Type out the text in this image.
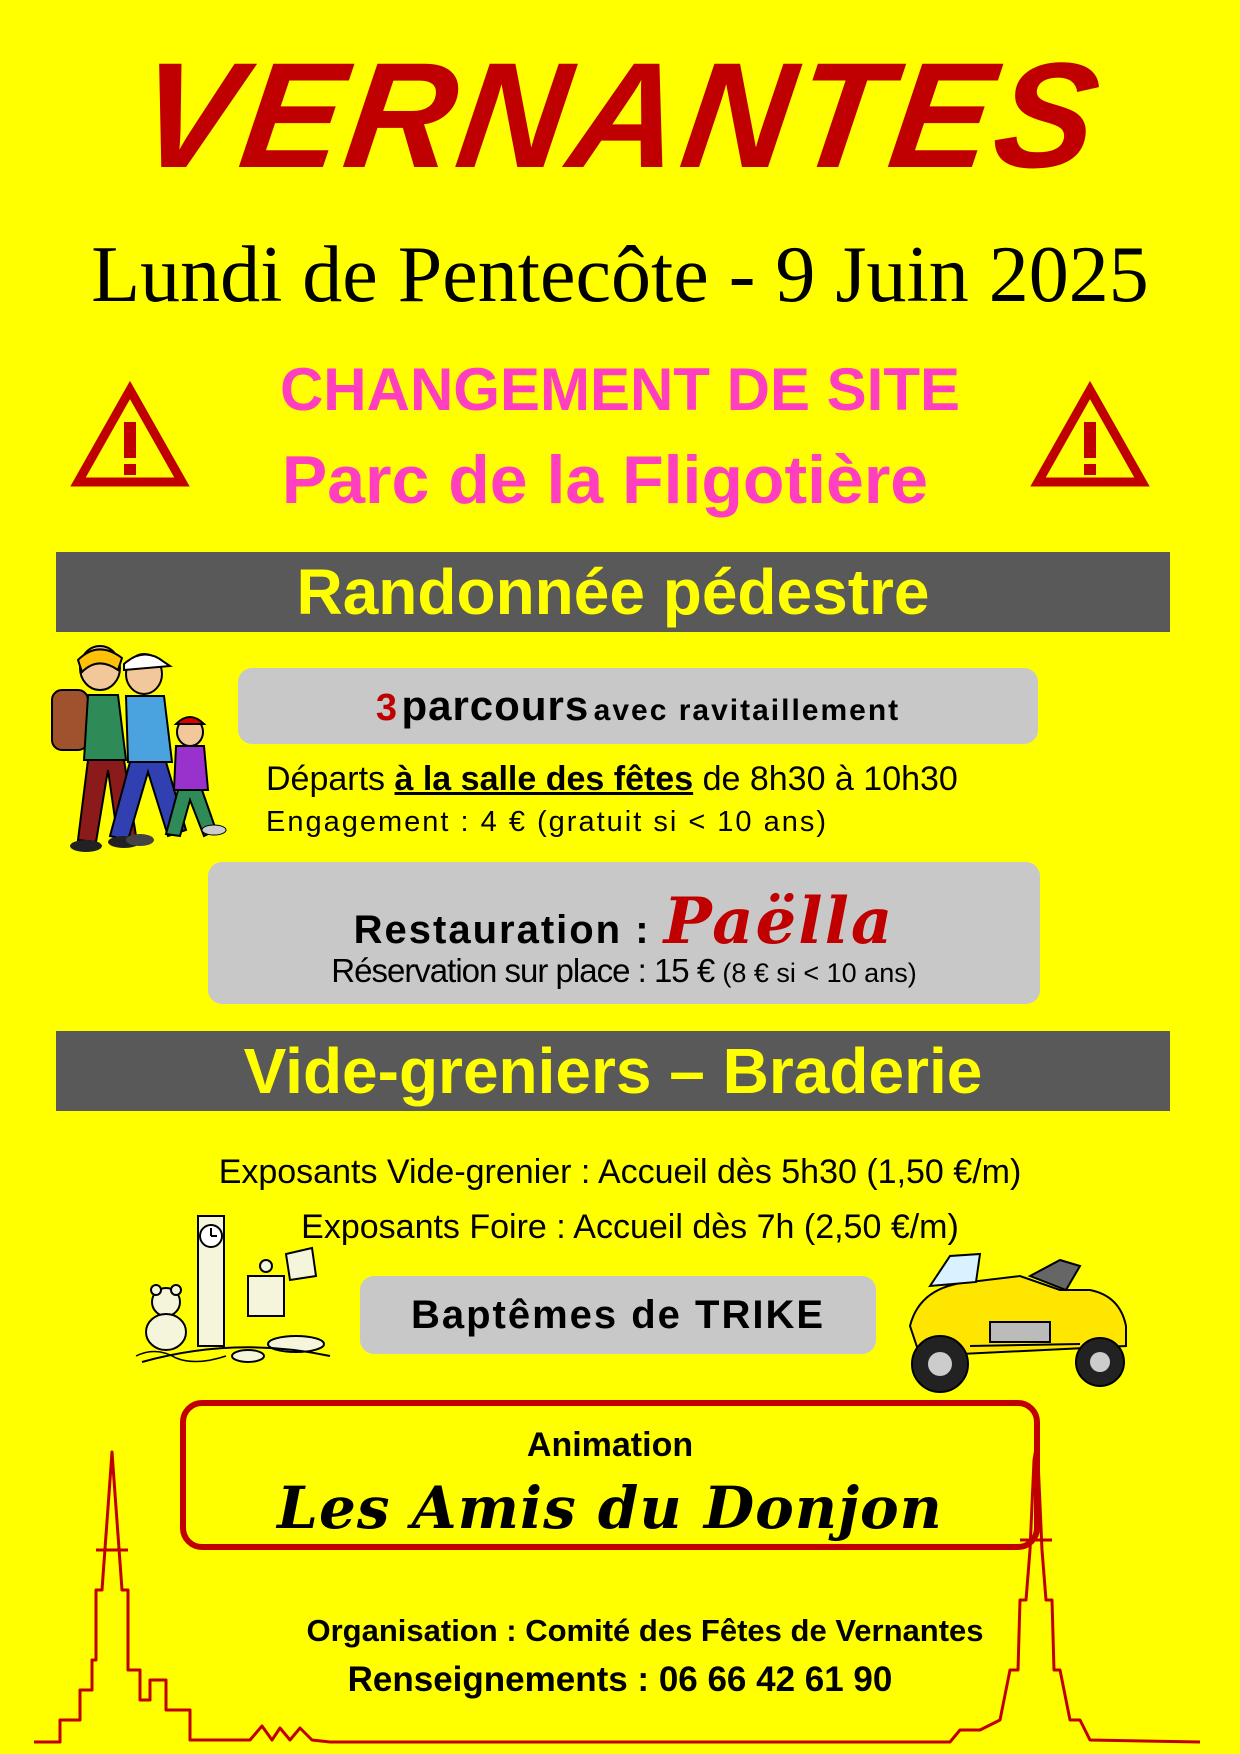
VERNANTES
Lundi de Pentecôte - 9 Juin 2025
CHANGEMENT DE SITE
Parc de la Fligotière
Randonnée pédestre
3 parcours avec ravitaillement
Départs à la salle des fêtes de 8h30 à 10h30
Engagement : 4 € (gratuit si < 10 ans)
Restauration : Paëlla
Réservation sur place : 15 € (8 € si < 10 ans)
Vide-greniers – Braderie
Exposants Vide-grenier : Accueil dès 5h30 (1,50 €/m)
Exposants Foire : Accueil dès 7h (2,50 €/m)
Baptêmes de TRIKE
Animation
Les Amis du Donjon
Organisation : Comité des Fêtes de Vernantes
Renseignements : 06 66 42 61 90
